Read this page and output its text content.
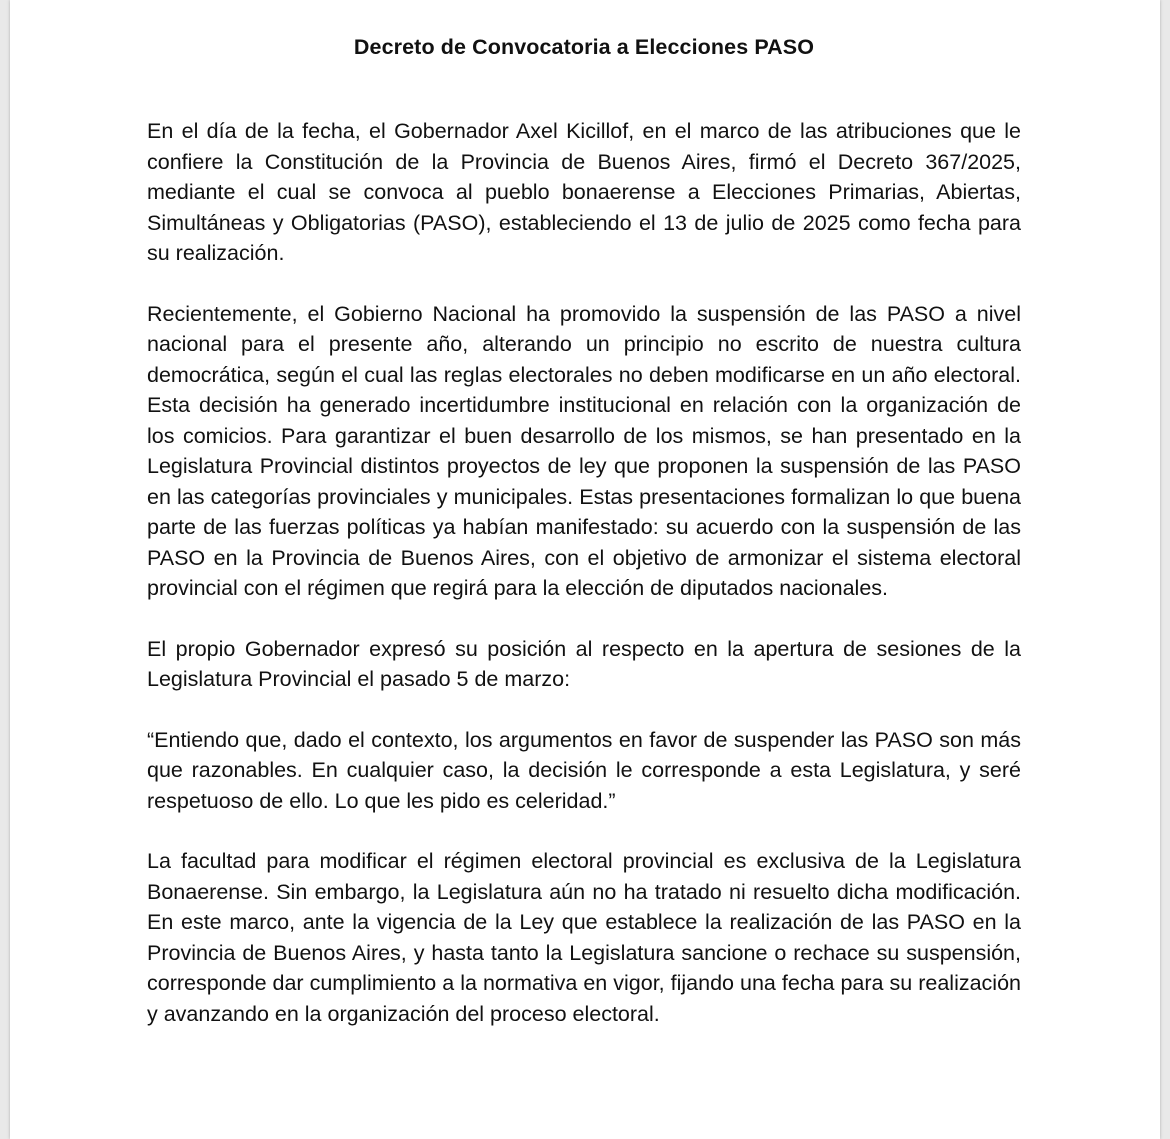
Decreto de Convocatoria a Elecciones PASO

En el día de la fecha, el Gobernador Axel Kicillof, en el marco de las atribuciones que le confiere la Constitución de la Provincia de Buenos Aires, firmó el Decreto 367/2025, mediante el cual se convoca al pueblo bonaerense a Elecciones Primarias, Abiertas, Simultáneas y Obligatorias (PASO), estableciendo el 13 de julio de 2025 como fecha para su realización.

Recientemente, el Gobierno Nacional ha promovido la suspensión de las PASO a nivel nacional para el presente año, alterando un principio no escrito de nuestra cultura democrática, según el cual las reglas electorales no deben modificarse en un año electoral. Esta decisión ha generado incertidumbre institucional en relación con la organización de los comicios. Para garantizar el buen desarrollo de los mismos, se han presentado en la Legislatura Provincial distintos proyectos de ley que proponen la suspensión de las PASO en las categorías provinciales y municipales. Estas presentaciones formalizan lo que buena parte de las fuerzas políticas ya habían manifestado: su acuerdo con la suspensión de las PASO en la Provincia de Buenos Aires, con el objetivo de armonizar el sistema electoral provincial con el régimen que regirá para la elección de diputados nacionales.

El propio Gobernador expresó su posición al respecto en la apertura de sesiones de la Legislatura Provincial el pasado 5 de marzo:

“Entiendo que, dado el contexto, los argumentos en favor de suspender las PASO son más que razonables. En cualquier caso, la decisión le corresponde a esta Legislatura, y seré respetuoso de ello. Lo que les pido es celeridad.”

La facultad para modificar el régimen electoral provincial es exclusiva de la Legislatura Bonaerense. Sin embargo, la Legislatura aún no ha tratado ni resuelto dicha modificación. En este marco, ante la vigencia de la Ley que establece la realización de las PASO en la Provincia de Buenos Aires, y hasta tanto la Legislatura sancione o rechace su suspensión, corresponde dar cumplimiento a la normativa en vigor, fijando una fecha para su realización y avanzando en la organización del proceso electoral.
